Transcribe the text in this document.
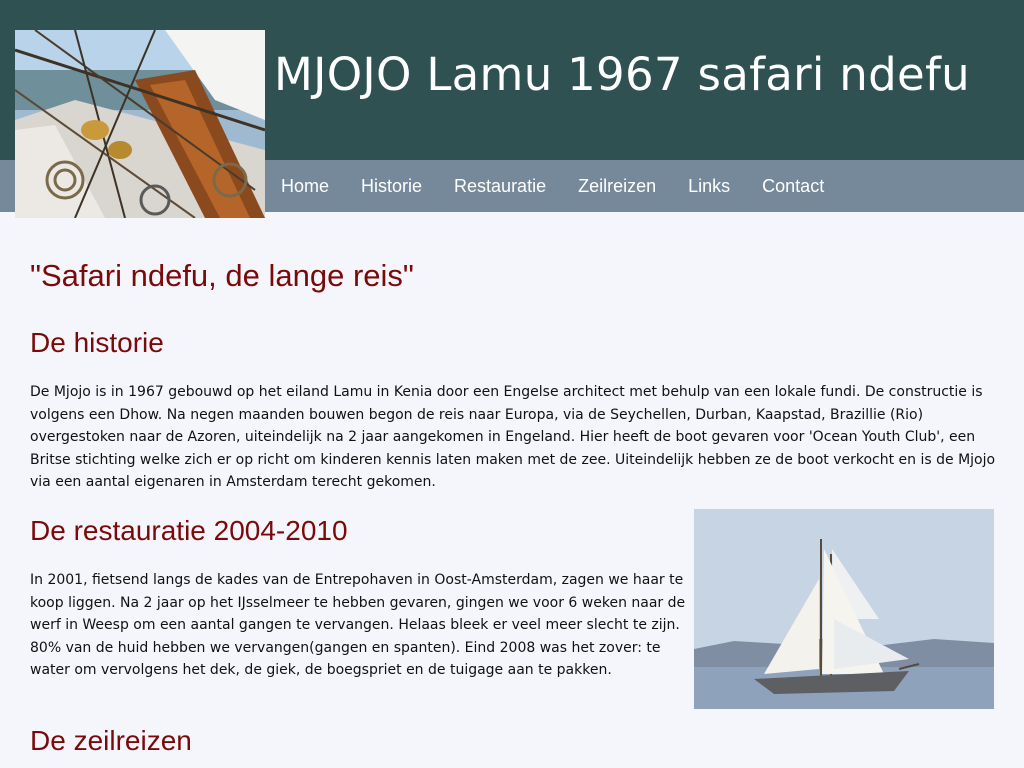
MJOJO Lamu 1967 safari ndefu
Home Historie Restauratie Zeilreizen Links Contact
"Safari ndefu, de lange reis"
De historie

De Mjojo is in 1967 gebouwd op het eiland Lamu in Kenia door een Engelse architect met behulp van een lokale fundi. De constructie is volgens een Dhow. Na negen maanden bouwen begon de reis naar Europa, via de Seychellen, Durban, Kaapstad, Brazillie (Rio) overgestoken naar de Azoren, uiteindelijk na 2 jaar aangekomen in Engeland. Hier heeft de boot gevaren voor 'Ocean Youth Club', een Britse stichting welke zich er op richt om kinderen kennis laten maken met de zee. Uiteindelijk hebben ze de boot verkocht en is de Mjojo via een aantal eigenaren in Amsterdam terecht gekomen.

De restauratie 2004-2010

In 2001, fietsend langs de kades van de Entrepohaven in Oost-Amsterdam, zagen we haar te koop liggen. Na 2 jaar op het IJsselmeer te hebben gevaren, gingen we voor 6 weken naar de werf in Weesp om een aantal gangen te vervangen. Helaas bleek er veel meer slecht te zijn. 80% van de huid hebben we vervangen(gangen en spanten). Eind 2008 was het zover: te water om vervolgens het dek, de giek, de boegspriet en de tuigage aan te pakken.

De zeilreizen
